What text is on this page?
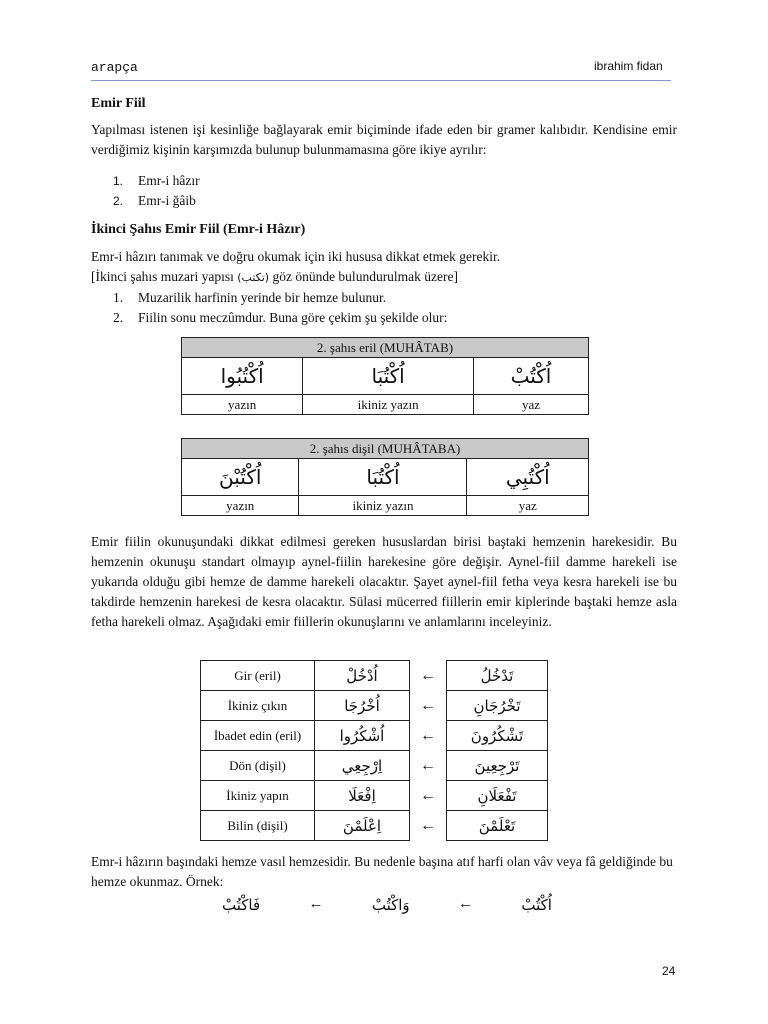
arapça	ibrahim fidan
Emir Fiil

Yapılması istenen işi kesinliğe bağlayarak emir biçiminde ifade eden bir gramer kalıbıdır. Kendisine emir verdiğimiz kişinin karşımızda bulunup bulunmamasına göre ikiye ayrılır:

1. Emr-i hâzır
2. Emr-i ğâib
İkinci Şahıs Emir Fiil (Emr-i Hâzır)

Emr-i hâzırı tanımak ve doğru okumak için iki hususa dikkat etmek gerekir.

[İkinci şahıs muzari yapısı (تكتب) göz önünde bulundurulmak üzere]

1. Muzarilik harfinin yerinde bir hemze bulunur.
2. Fiilin sonu meczûmdur. Buna göre çekim şu şekilde olur:
2. şahıs eril (MUHÂTAB)		
اُكْتُبُوا	اُكْتُبَا	اُكْتُبْ
yazın	ikiniz yazın	yaz
2. şahıs dişil (MUHÂTABA)		
اُكْتُبْنَ	اُكْتُبَا	اُكْتُبِي
yazın	ikiniz yazın	yaz

Emir fiilin okunuşundaki dikkat edilmesi gereken hususlardan birisi baştaki hemzenin harekesidir. Bu hemzenin okunuşu standart olmayıp aynel-fiilin harekesine göre değişir. Aynel-fiil damme harekeli ise yukarıda olduğu gibi hemze de damme harekeli olacaktır. Şayet aynel-fiil fetha veya kesra harekeli ise bu takdirde hemzenin harekesi de kesra olacaktır. Sülasi mücerred fiillerin emir kiplerinde baştaki hemze asla fetha harekeli olmaz. Aşağıdaki emir fiillerin okunuşlarını ve anlamlarını inceleyiniz.

Gir (eril)	اُدْخُلْ	←	تَدْخُلُ
İkiniz çıkın	اُخْرُجَا	←	تَخْرُجَانِ
İbadet edin (eril)	اُشْكُرُوا	←	تَشْكُرُونَ
Dön (dişil)	اِرْجِعِي	←	تَرْجِعِينَ
İkiniz yapın	اِفْعَلَا	←	تَفْعَلَانِ
Bilin (dişil)	اِعْلَمْنَ	←	تَعْلَمْنَ

Emr-i hâzırın başındaki hemze vasıl hemzesidir. Bu nedenle başına atıf harfi olan vâv veya fâ geldiğinde bu hemze okunmaz. Örnek:

فَاكْتُبْ	←	وَاكْتُبْ	←	اُكْتُبْ
24
